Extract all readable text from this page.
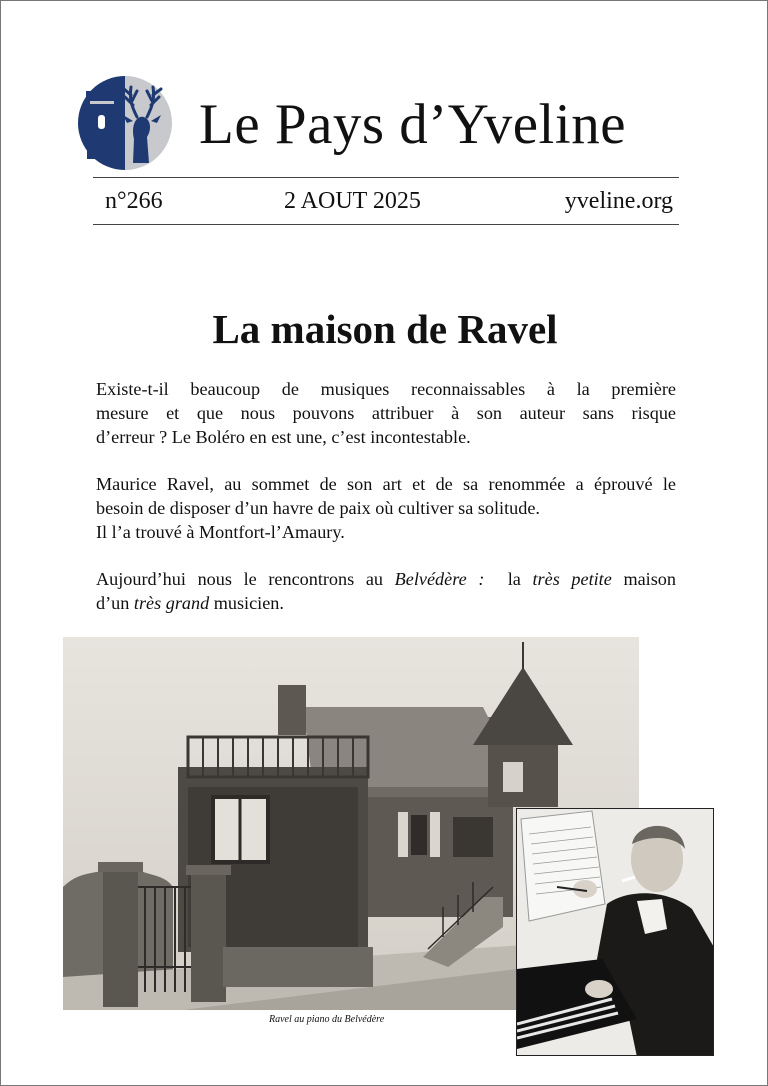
Le Pays d’Yveline
n°266	2 AOUT 2025	yveline.org
La maison de Ravel
Existe-t-il beaucoup de musiques reconnaissables à la première
mesure et que nous pouvons attribuer à son auteur sans risque
d’erreur ? Le Boléro en est une, c’est incontestable.
Maurice Ravel, au sommet de son art et de sa renommée a éprouvé le
besoin de disposer d’un havre de paix où cultiver sa solitude.
Il l’a trouvé à Montfort-l’Amaury.
Aujourd’hui nous le rencontrons au Belvédère :  la très petite maison
d’un très grand musicien.
Ravel au piano du Belvédère
